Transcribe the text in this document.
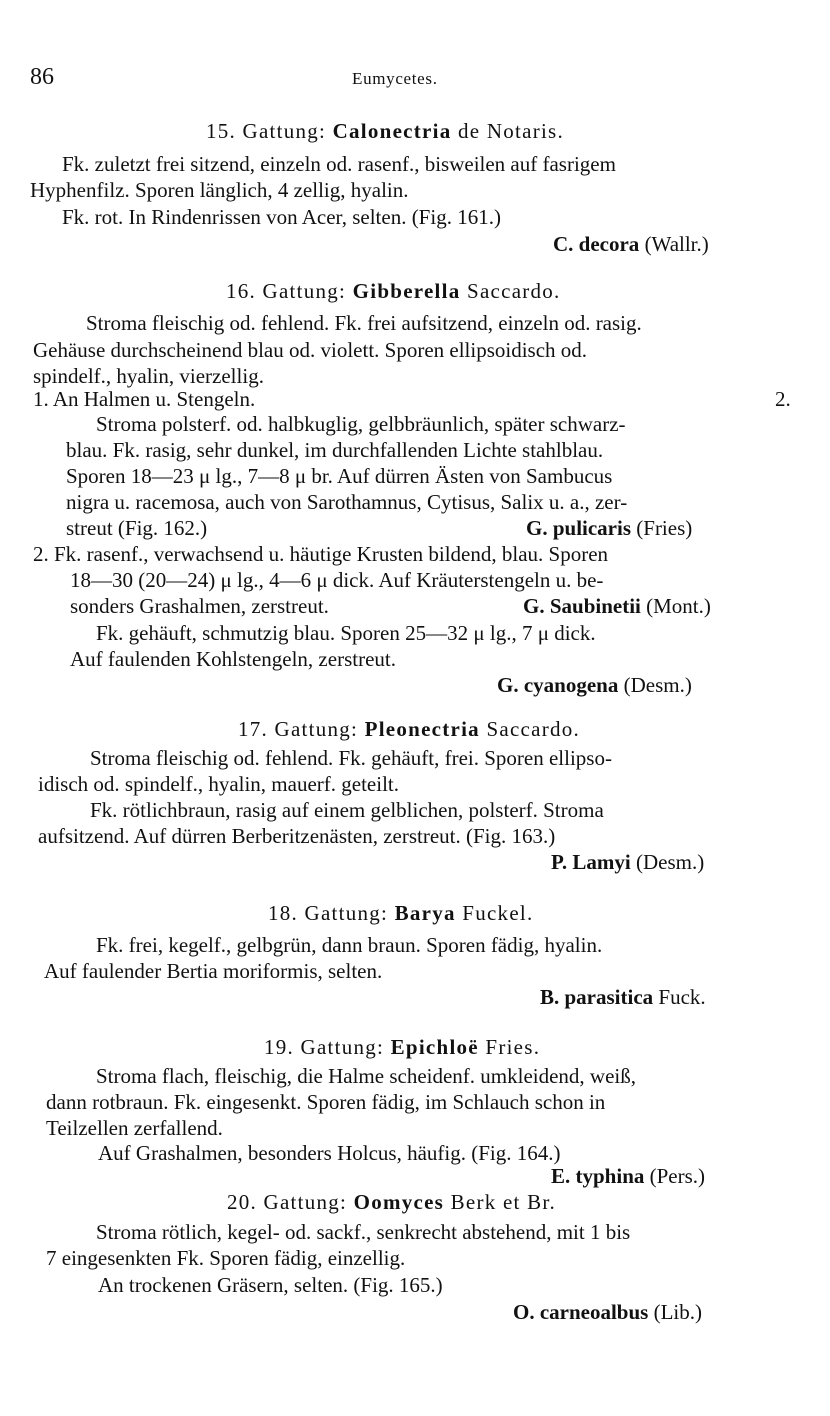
86	Eumycetes.
15. Gattung: Calonectria de Notaris.
Fk. zuletzt frei sitzend, einzeln od. rasenf., bisweilen auf fasrigem
Hyphenfilz. Sporen länglich, 4 zellig, hyalin.
Fk. rot. In Rindenrissen von Acer, selten. (Fig. 161.)
C. decora (Wallr.)
16. Gattung: Gibberella Saccardo.
Stroma fleischig od. fehlend. Fk. frei aufsitzend, einzeln od. rasig.
Gehäuse durchscheinend blau od. violett. Sporen ellipsoidisch od.
spindelf., hyalin, vierzellig.
1. An Halmen u. Stengeln.	2.
Stroma polsterf. od. halbkuglig, gelbbräunlich, später schwarz-
blau. Fk. rasig, sehr dunkel, im durchfallenden Lichte stahlblau.
Sporen 18—23 μ lg., 7—8 μ br. Auf dürren Ästen von Sambucus
nigra u. racemosa, auch von Sarothamnus, Cytisus, Salix u. a., zer-
streut (Fig. 162.)	G. pulicaris (Fries)
2. Fk. rasenf., verwachsend u. häutige Krusten bildend, blau. Sporen
18—30 (20—24) μ lg., 4—6 μ dick. Auf Kräuterstengeln u. be-
sonders Grashalmen, zerstreut.	G. Saubinetii (Mont.)
Fk. gehäuft, schmutzig blau. Sporen 25—32 μ lg., 7 μ dick.
Auf faulenden Kohlstengeln, zerstreut.
G. cyanogena (Desm.)
17. Gattung: Pleonectria Saccardo.
Stroma fleischig od. fehlend. Fk. gehäuft, frei. Sporen ellipso-
idisch od. spindelf., hyalin, mauerf. geteilt.
Fk. rötlichbraun, rasig auf einem gelblichen, polsterf. Stroma
aufsitzend. Auf dürren Berberitzenästen, zerstreut. (Fig. 163.)
P. Lamyi (Desm.)
18. Gattung: Barya Fuckel.
Fk. frei, kegelf., gelbgrün, dann braun. Sporen fädig, hyalin.
Auf faulender Bertia moriformis, selten.
B. parasitica Fuck.
19. Gattung: Epichloë Fries.
Stroma flach, fleischig, die Halme scheidenf. umkleidend, weiß,
dann rotbraun. Fk. eingesenkt. Sporen fädig, im Schlauch schon in
Teilzellen zerfallend.
Auf Grashalmen, besonders Holcus, häufig. (Fig. 164.)
E. typhina (Pers.)
20. Gattung: Oomyces Berk et Br.
Stroma rötlich, kegel- od. sackf., senkrecht abstehend, mit 1 bis
7 eingesenkten Fk. Sporen fädig, einzellig.
An trockenen Gräsern, selten. (Fig. 165.)
O. carneoalbus (Lib.)
